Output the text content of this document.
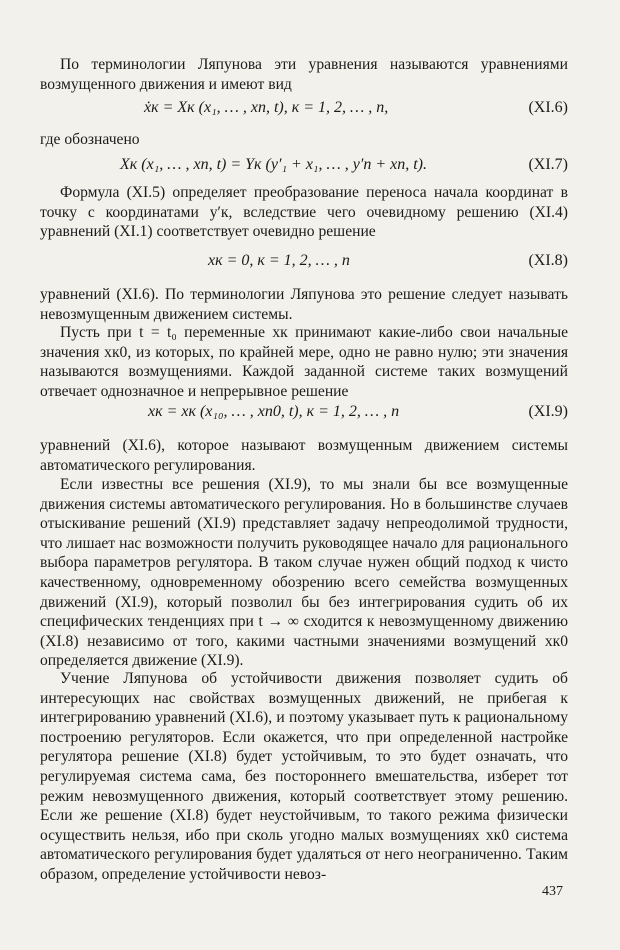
По терминологии Ляпунова эти уравнения называются уравнениями возмущенного движения и имеют вид
ẋк = Xк (x₁, … , xn, t), к = 1, 2, … , n,	(XI.6)
где обозначено
Xк (x₁, … , xn, t) = Yк (y′₁ + x₁, … , y′n + xn, t).	(XI.7)
Формула (XI.5) определяет преобразование переноса начала координат в точку с координатами y′к, вследствие чего очевидному решению (XI.4) уравнений (XI.1) соответствует очевидно решение
xк = 0, к = 1, 2, … , n	(XI.8)
уравнений (XI.6). По терминологии Ляпунова это решение следует называть невозмущенным движением системы.
Пусть при t = t₀ переменные xк принимают какие-либо свои начальные значения xк0, из которых, по крайней мере, одно не равно нулю; эти значения называются возмущениями. Каждой заданной системе таких возмущений отвечает однозначное и непрерывное решение
xк = xк (x₁₀, … , xn0, t), к = 1, 2, … , n	(XI.9)
уравнений (XI.6), которое называют возмущенным движением системы автоматического регулирования.
Если известны все решения (XI.9), то мы знали бы все возмущенные движения системы автоматического регулирования. Но в большинстве случаев отыскивание решений (XI.9) представляет задачу непреодолимой трудности, что лишает нас возможности получить руководящее начало для рационального выбора параметров регулятора. В таком случае нужен общий подход к чисто качественному, одновременному обозрению всего семейства возмущенных движений (XI.9), который позволил бы без интегрирования судить об их специфических тенденциях при t → ∞ сходится к невозмущенному движению (XI.8) независимо от того, какими частными значениями возмущений xк0 определяется движение (XI.9).
Учение Ляпунова об устойчивости движения позволяет судить об интересующих нас свойствах возмущенных движений, не прибегая к интегрированию уравнений (XI.6), и поэтому указывает путь к рациональному построению регуляторов. Если окажется, что при определенной настройке регулятора решение (XI.8) будет устойчивым, то это будет означать, что регулируемая система сама, без постороннего вмешательства, изберет тот режим невозмущенного движения, который соответствует этому решению. Если же решение (XI.8) будет неустойчивым, то такого режима физически осуществить нельзя, ибо при сколь угодно малых возмущениях xк0 система автоматического регулирования будет удаляться от него неограниченно. Таким образом, определение устойчивости невоз-
437
